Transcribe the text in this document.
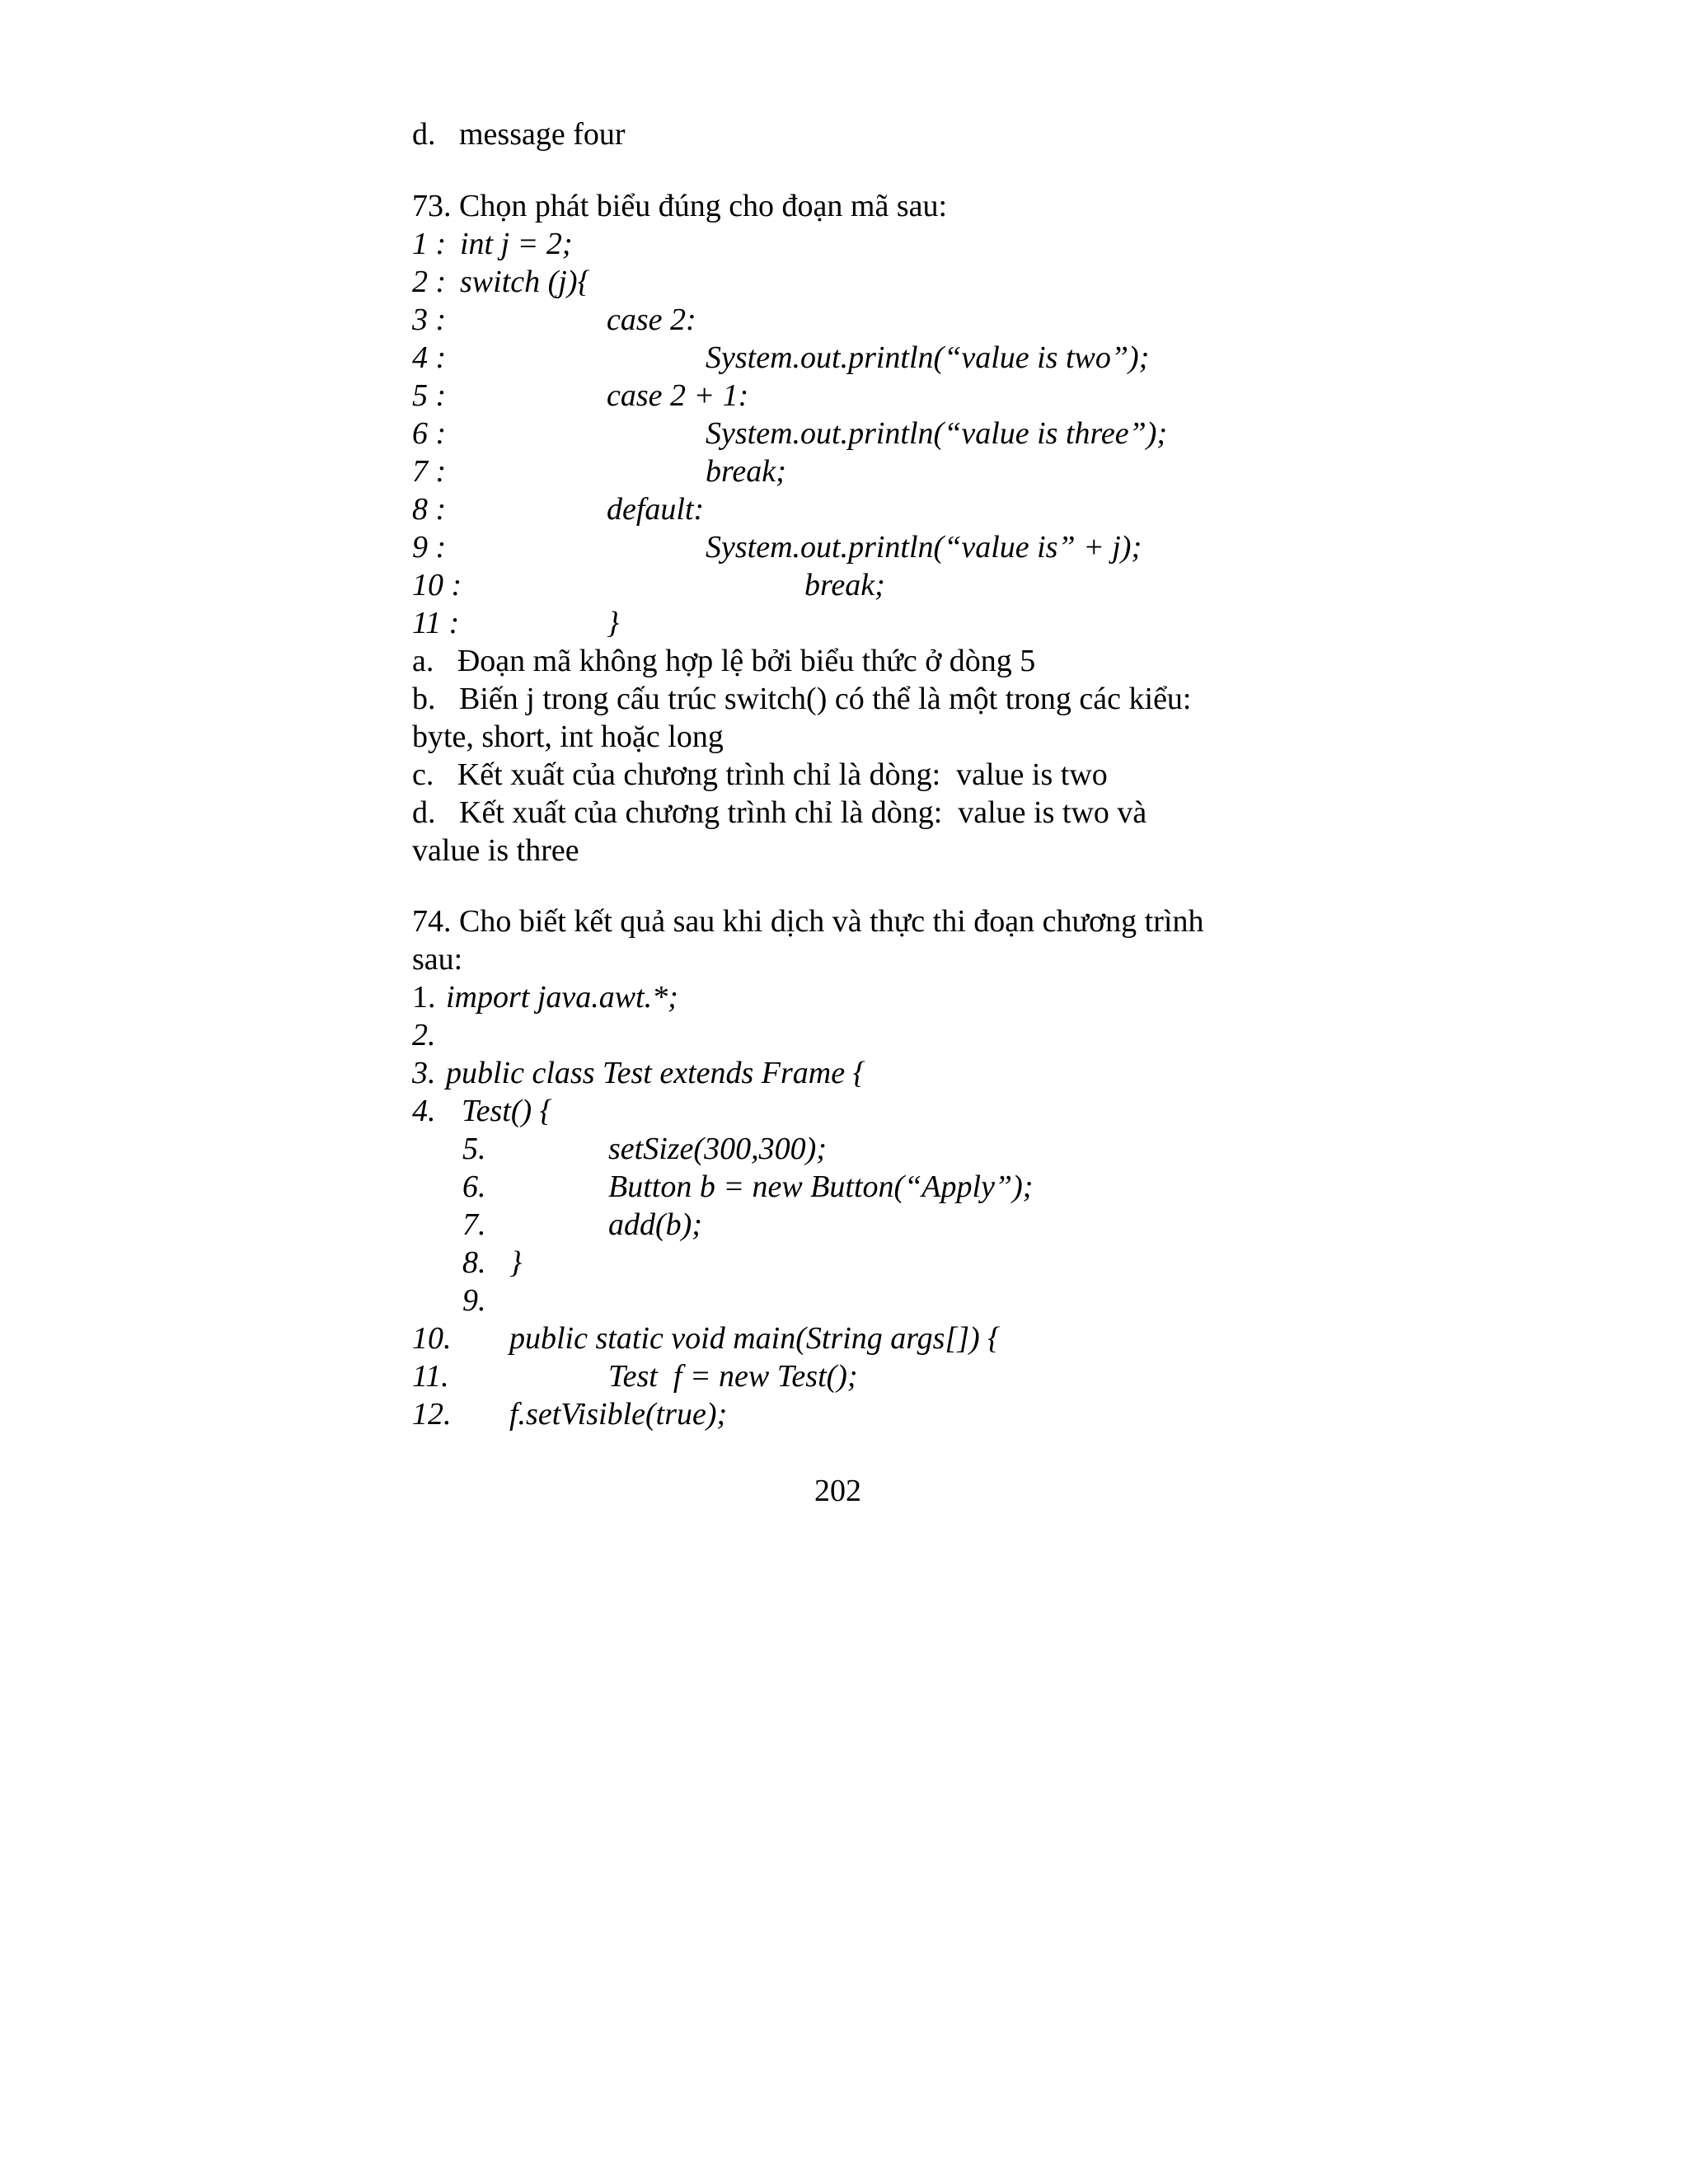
d.   message four
73. Chọn phát biểu đúng cho đoạn mã sau:
1 : int j = 2;
2 : switch (j){
3 :	case 2:
4 :	System.out.println(“value is two”);
5 :	case 2 + 1:
6 :	System.out.println(“value is three”);
7 :	break;
8 :	default:
9 :	System.out.println(“value is” + j);
10 :	break;
11 :	}
a.   Đoạn mã không hợp lệ bởi biểu thức ở dòng 5
b.   Biến j trong cấu trúc switch() có thể là một trong các kiểu:
byte, short, int hoặc long
c.   Kết xuất của chương trình chỉ là dòng:  value is two
d.   Kết xuất của chương trình chỉ là dòng:  value is two và
value is three
74. Cho biết kết quả sau khi dịch và thực thi đoạn chương trình
sau:
1. import java.awt.*;
2.
3. public class Test extends Frame {
4. Test() {
5.	setSize(300,300);
6.	Button b = new Button(“Apply”);
7.	add(b);
8. }
9.
10. public static void main(String args[]) {
11.	Test  f = new Test();
12. f.setVisible(true);
202
